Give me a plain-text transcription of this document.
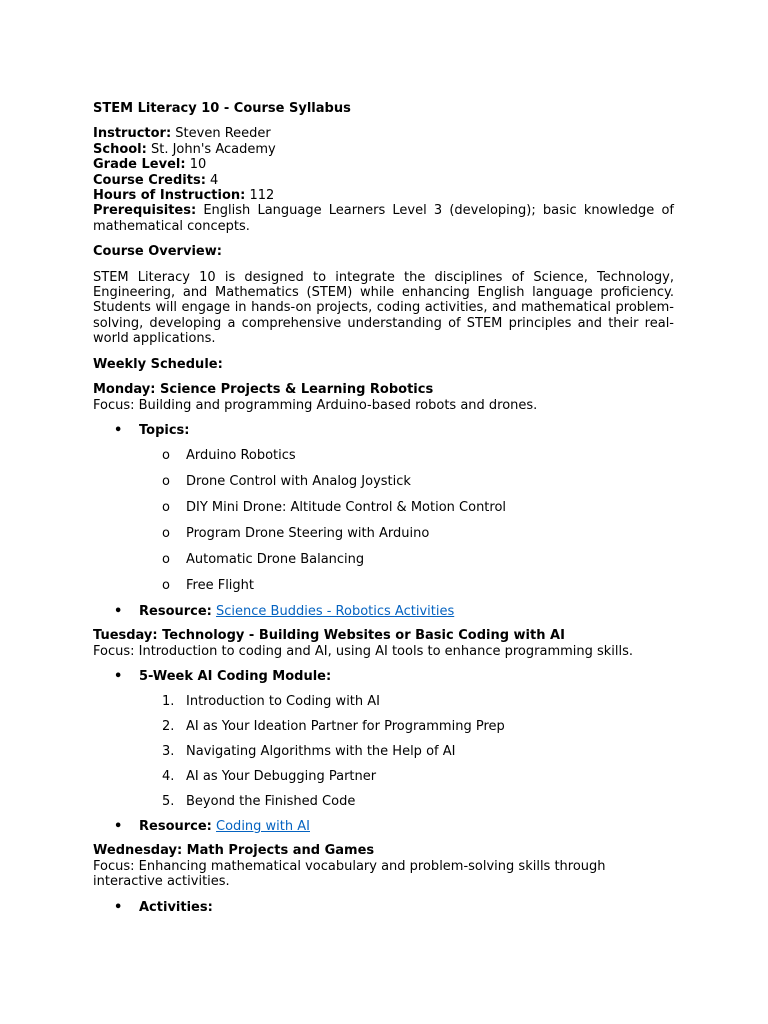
STEM Literacy 10 - Course Syllabus

Instructor: Steven Reeder

School: St. John's Academy

Grade Level: 10

Course Credits: 4

Hours of Instruction: 112

Prerequisites: English Language Learners Level 3 (developing); basic knowledge of mathematical concepts.

Course Overview:

STEM Literacy 10 is designed to integrate the disciplines of Science, Technology, Engineering, and Mathematics (STEM) while enhancing English language proficiency. Students will engage in hands-on projects, coding activities, and mathematical problem-solving, developing a comprehensive understanding of STEM principles and their real-world applications.

Weekly Schedule:

Monday: Science Projects & Learning Robotics

Focus: Building and programming Arduino-based robots and drones.

• Topics:
o Arduino Robotics
o Drone Control with Analog Joystick
o DIY Mini Drone: Altitude Control & Motion Control
o Program Drone Steering with Arduino
o Automatic Drone Balancing
o Free Flight
• Resource: Science Buddies - Robotics Activities

Tuesday: Technology - Building Websites or Basic Coding with AI

Focus: Introduction to coding and AI, using AI tools to enhance programming skills.

• 5-Week AI Coding Module:
1. Introduction to Coding with AI
2. AI as Your Ideation Partner for Programming Prep
3. Navigating Algorithms with the Help of AI
4. AI as Your Debugging Partner
5. Beyond the Finished Code
• Resource: Coding with AI

Wednesday: Math Projects and Games

Focus: Enhancing mathematical vocabulary and problem-solving skills through interactive activities.

• Activities:
